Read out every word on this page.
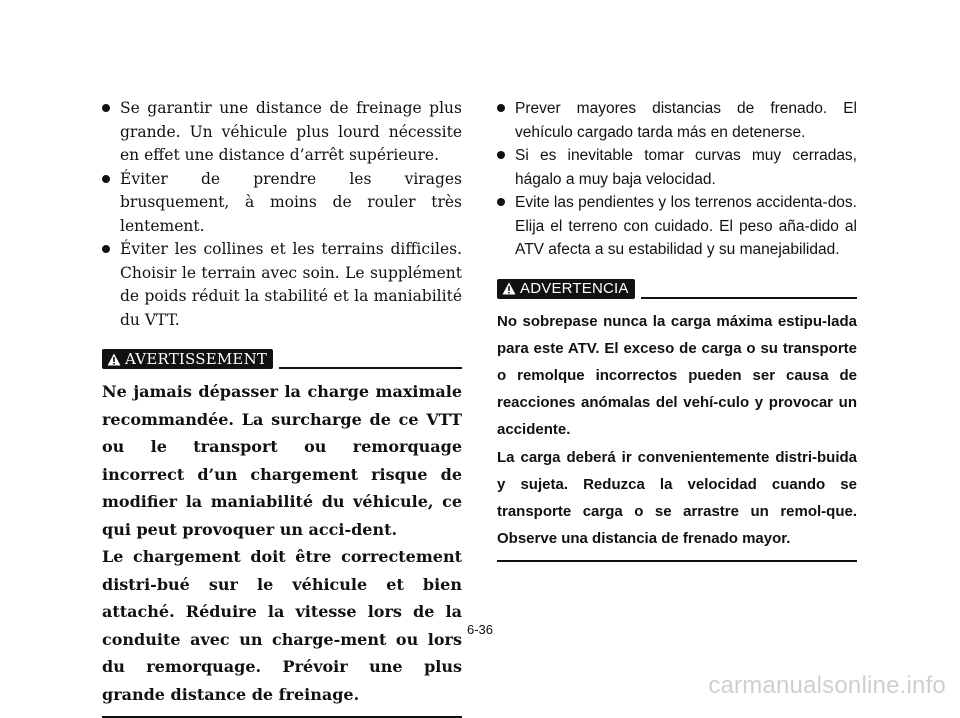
Se garantir une distance de freinage plus grande. Un véhicule plus lourd nécessite en effet une distance d’arrêt supérieure.
Éviter de prendre les virages brusquement, à moins de rouler très lentement.
Éviter les collines et les terrains difficiles. Choisir le terrain avec soin. Le supplément de poids réduit la stabilité et la maniabilité du VTT.
AVERTISSEMENT

Ne jamais dépasser la charge maximale recommandée. La surcharge de ce VTT ou le transport ou remorquage incorrect d’un chargement risque de modifier la maniabilité du véhicule, ce qui peut provoquer un acci-dent.

Le chargement doit être correctement distri-bué sur le véhicule et bien attaché. Réduire la vitesse lors de la conduite avec un charge-ment ou lors du remorquage. Prévoir une plus grande distance de freinage.

Prever mayores distancias de frenado. El vehículo cargado tarda más en detenerse.
Si es inevitable tomar curvas muy cerradas, hágalo a muy baja velocidad.
Evite las pendientes y los terrenos accidenta-dos. Elija el terreno con cuidado. El peso aña-dido al ATV afecta a su estabilidad y su manejabilidad.
ADVERTENCIA

No sobrepase nunca la carga máxima estipu-lada para este ATV. El exceso de carga o su transporte o remolque incorrectos pueden ser causa de reacciones anómalas del vehí-culo y provocar un accidente.

La carga deberá ir convenientemente distri-buida y sujeta. Reduzca la velocidad cuando se transporte carga o se arrastre un remol-que. Observe una distancia de frenado mayor.

6-36
carmanualsonline.info
